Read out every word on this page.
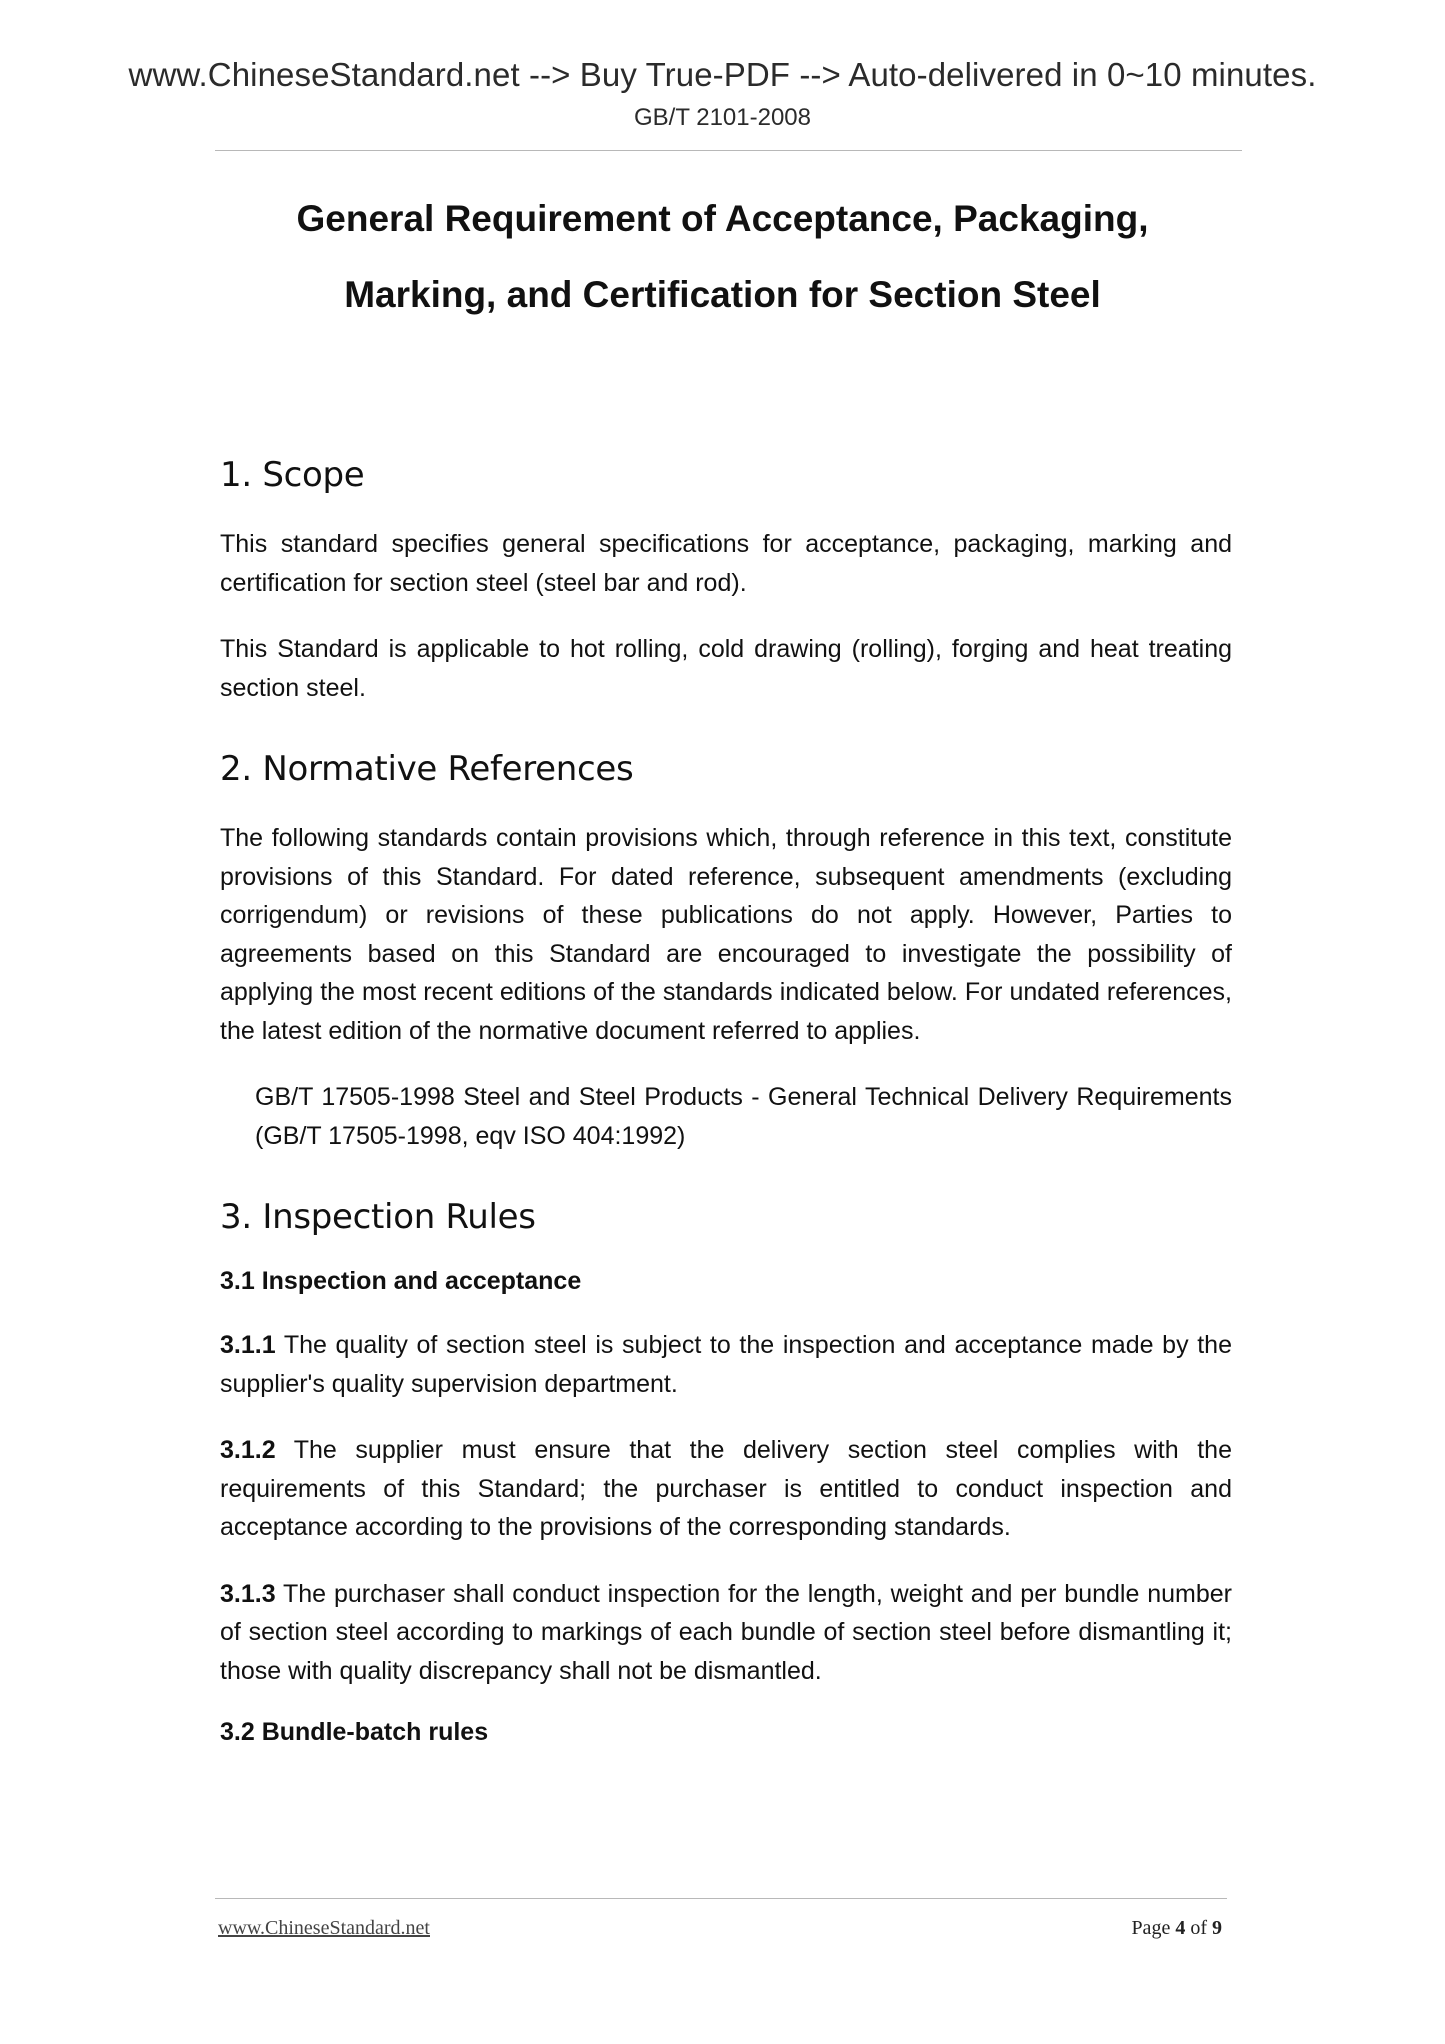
www.ChineseStandard.net --> Buy True-PDF --> Auto-delivered in 0~10 minutes.
GB/T 2101-2008
General Requirement of Acceptance, Packaging,
Marking, and Certification for Section Steel
1. Scope

This standard specifies general specifications for acceptance, packaging, marking and certification for section steel (steel bar and rod).

This Standard is applicable to hot rolling, cold drawing (rolling), forging and heat treating section steel.

2. Normative References

The following standards contain provisions which, through reference in this text, constitute provisions of this Standard. For dated reference, subsequent amendments (excluding corrigendum) or revisions of these publications do not apply. However, Parties to agreements based on this Standard are encouraged to investigate the possibility of applying the most recent editions of the standards indicated below. For undated references, the latest edition of the normative document referred to applies.

GB/T 17505-1998 Steel and Steel Products - General Technical Delivery Requirements (GB/T 17505-1998, eqv ISO 404:1992)

3. Inspection Rules
3.1 Inspection and acceptance

3.1.1 The quality of section steel is subject to the inspection and acceptance made by the supplier's quality supervision department.

3.1.2 The supplier must ensure that the delivery section steel complies with the requirements of this Standard; the purchaser is entitled to conduct inspection and acceptance according to the provisions of the corresponding standards.

3.1.3 The purchaser shall conduct inspection for the length, weight and per bundle number of section steel according to markings of each bundle of section steel before dismantling it; those with quality discrepancy shall not be dismantled.

3.2 Bundle-batch rules
www.ChineseStandard.net	Page 4 of 9
